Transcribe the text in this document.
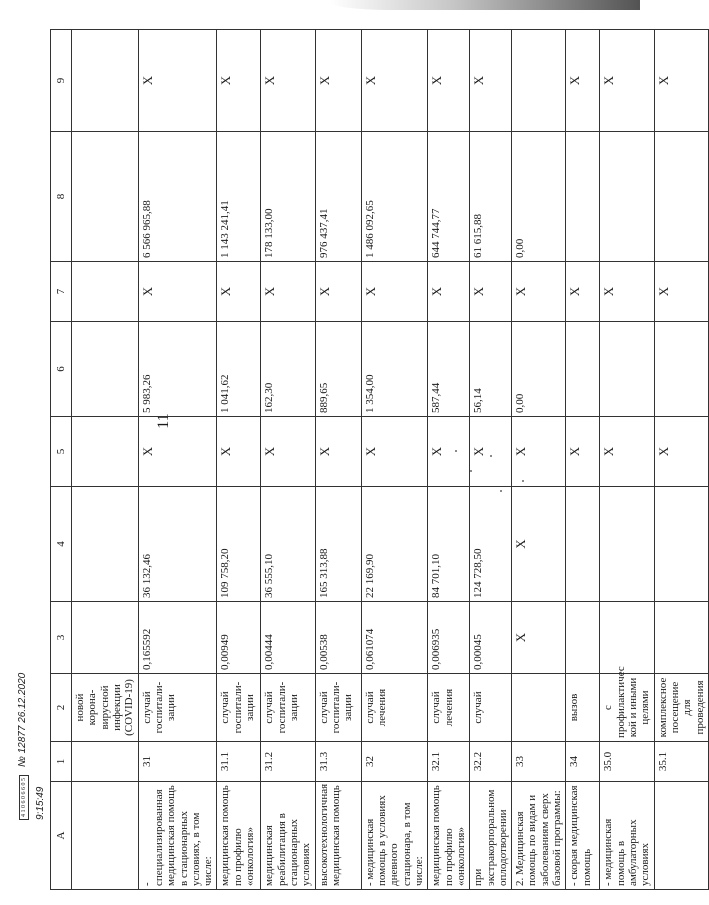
11
А	1	2	3	4	5	6	7	8	9
		новой корона-вирусной инфекции (COVID-19)							
- специализированная медицинская помощь в стационарных условиях, в том числе:	31	случай госпитали-зации	0,165592	36 132,46	X	5 983,26	X	6 566 965,88	X
медицинская помощь по профилю «онкология»	31.1	случай госпитали-зации	0,00949	109 758,20	X	1 041,62	X	1 143 241,41	X
медицинская реабилитация в стационарных условиях	31.2	случай госпитали-зации	0,00444	36 555,10	X	162,30	X	178 133,00	X
высокотехнологичная медицинская помощь	31.3	случай госпитали-зации	0,00538	165 313,88	X	889,65	X	976 437,41	X
- медицинская помощь в условиях дневного стационара, в том числе:	32	случай лечения	0,061074	22 169,90	X	1 354,00	X	1 486 092,65	X
медицинская помощь по профилю «онкология»	32.1	случай лечения	0,006935	84 701,10	X	587,44	X	644 744,77	X
при экстракорпоральном оплодотворении	32.2	случай	0,00045	124 728,50	X	56,14	X	61 615,88	X
2. Медицинская помощь по видам и заболеваниям сверх базовой программы:	33		X	X	X	0,00	X	0,00	
- скорая медицинская помощь	34	вызов			X		X		X
- медицинская помощь в амбулаторных условиях	35.0	с профилактичес кой и иными целями			X		X		X
	35.1	комплексное посещение для проведения			X		X		X
4 1 0 6 0 6 6 0 5 № 12877 26.12.2020 9:15:49
